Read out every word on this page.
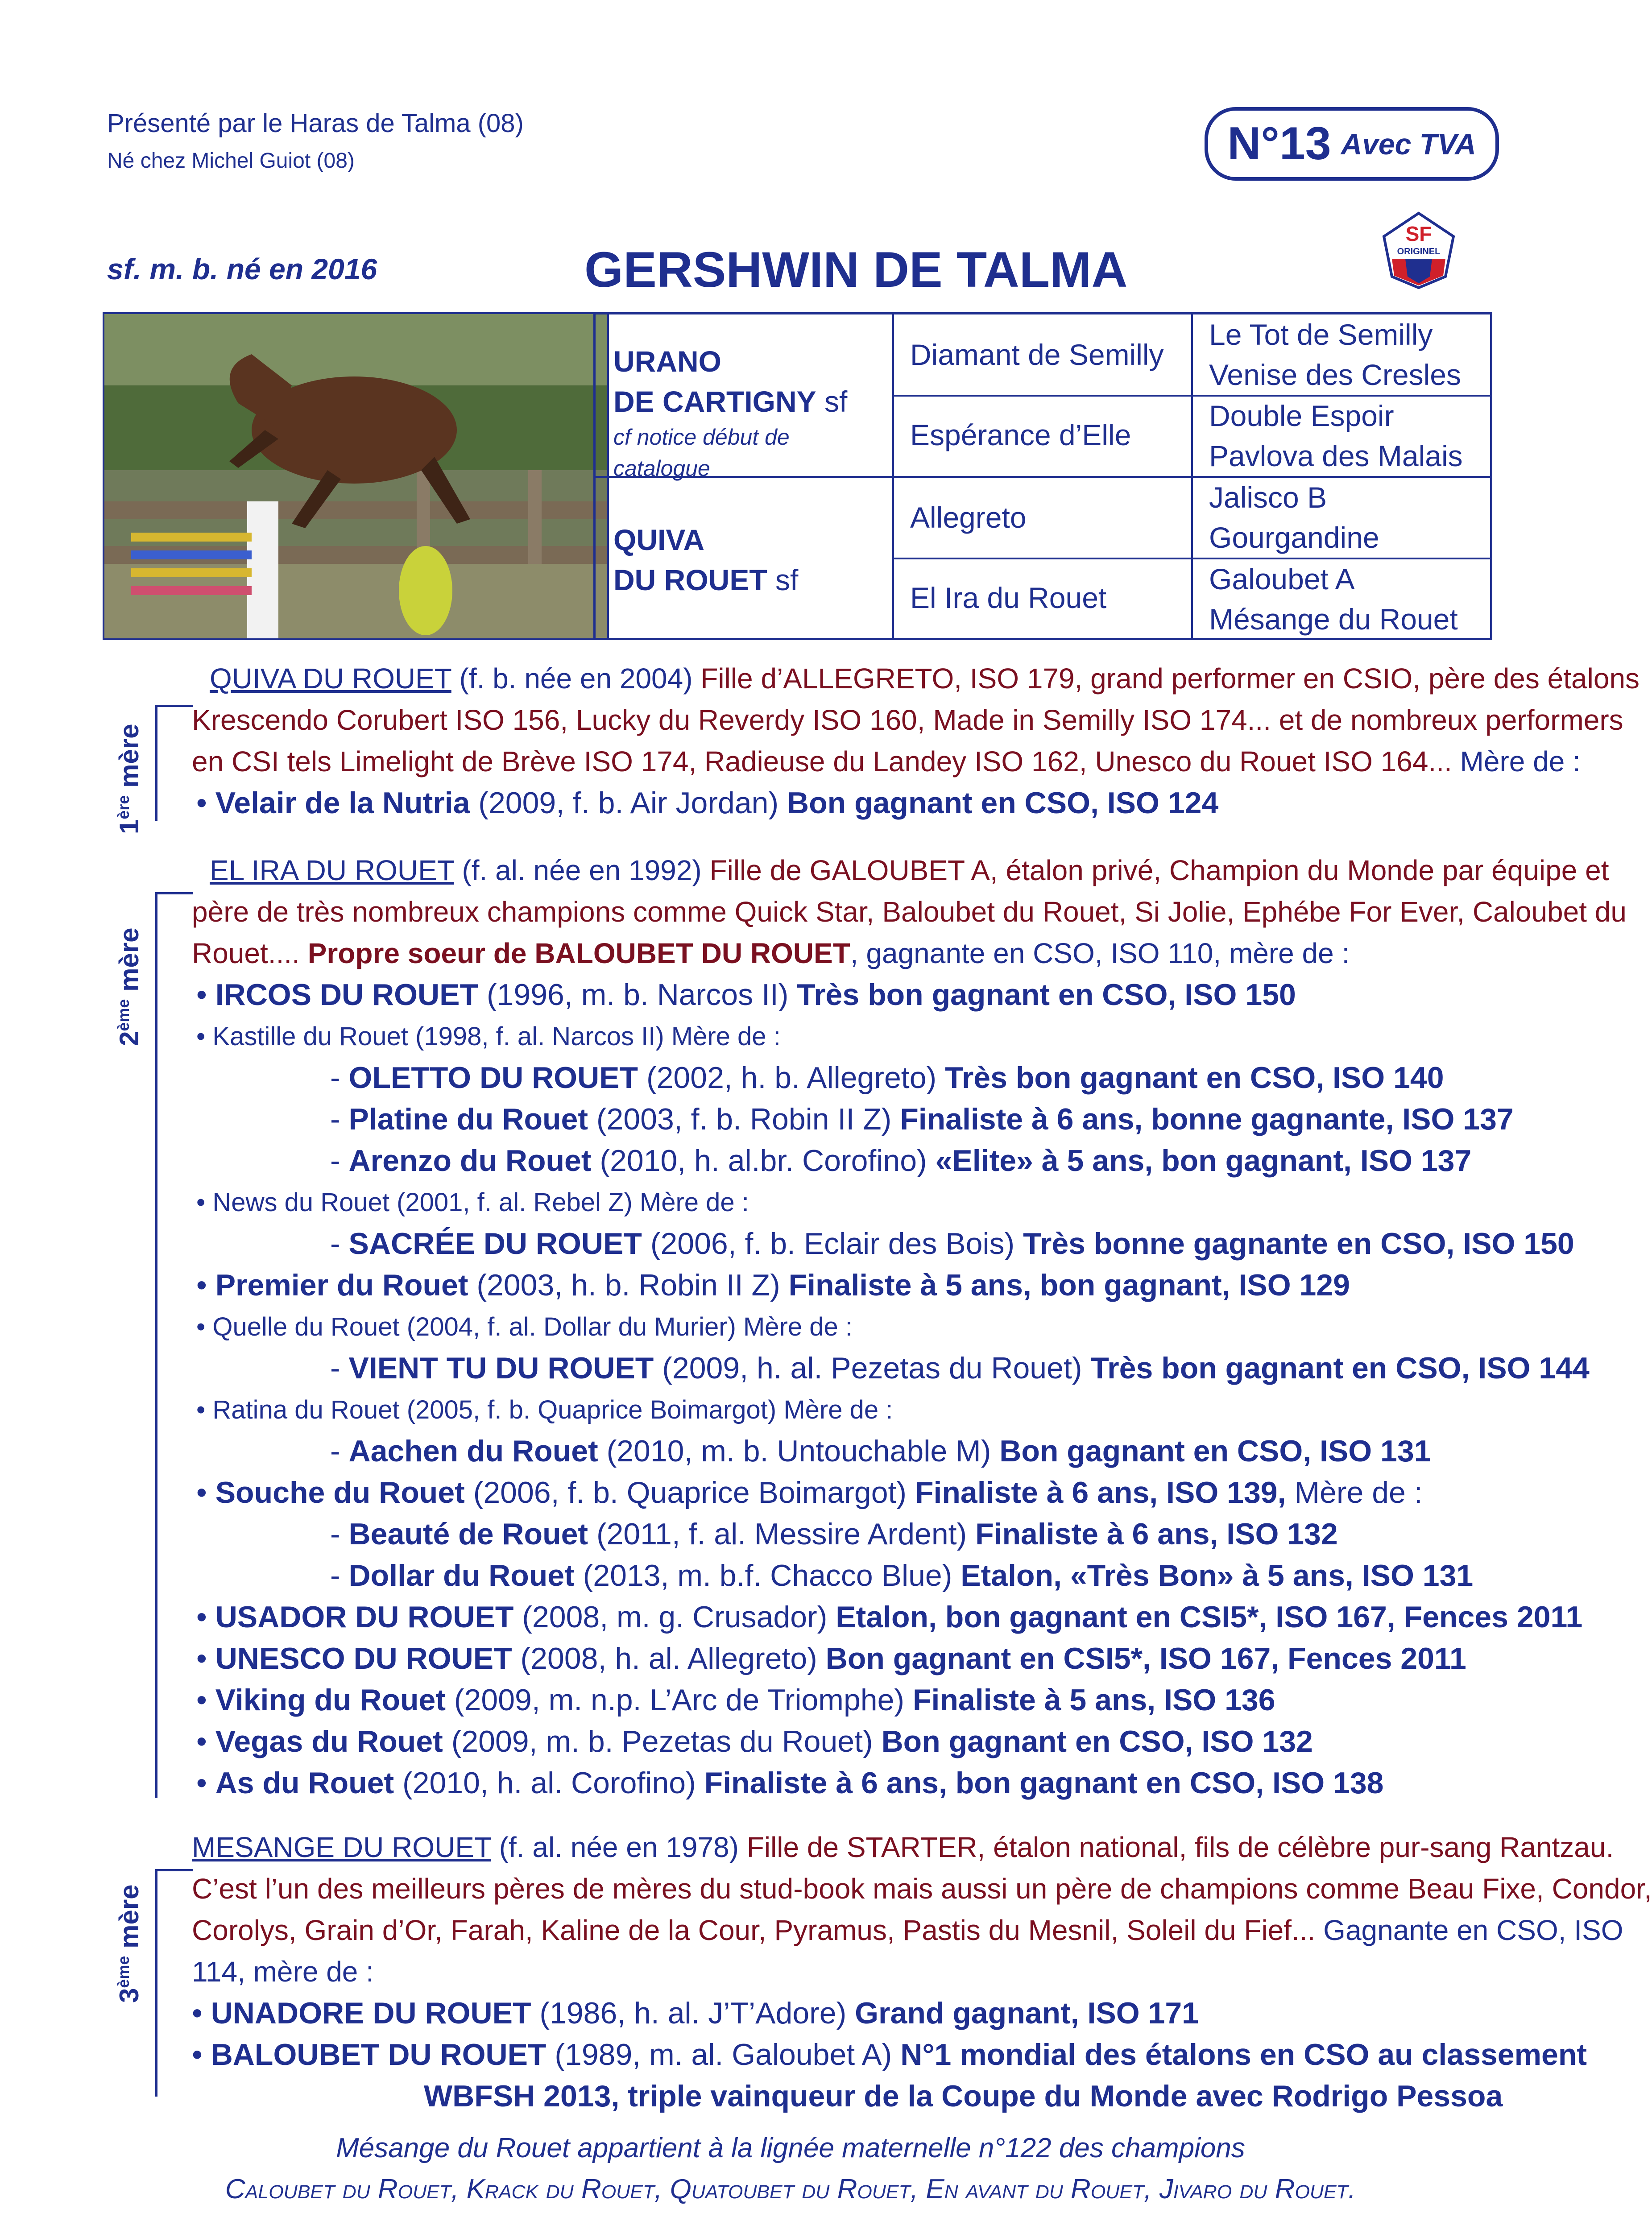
Présenté par le Haras de Talma (08)
Né chez Michel Guiot (08)	N°13 Avec TVA
sf. m. b. né en 2016	GERSHWIN DE TALMA
SF
ORIGINEL
URANO
DE CARTIGNY sf
cf notice début de catalogue
QUIVA
DU ROUET sf
Diamant de Semilly
Espérance d’Elle
Allegreto
El Ira du Rouet
Le Tot de Semilly
Venise des Cresles
Double Espoir
Pavlova des Malais
Jalisco B
Gourgandine
Galoubet A
Mésange du Rouet
1ère mère
QUIVA DU ROUET (f. b. née en 2004) Fille d’ALLEGRETO, ISO 179, grand performer en CSIO, père des étalons
Krescendo Corubert ISO 156, Lucky du Reverdy ISO 160, Made in Semilly ISO 174... et de nombreux performers
en CSI tels Limelight de Brève ISO 174, Radieuse du Landey ISO 162, Unesco du Rouet ISO 164... Mère de :
• Velair de la Nutria (2009, f. b. Air Jordan) Bon gagnant en CSO, ISO 124
2ème mère
EL IRA DU ROUET (f. al. née en 1992) Fille de GALOUBET A, étalon privé, Champion du Monde par équipe et
père de très nombreux champions comme Quick Star, Baloubet du Rouet, Si Jolie, Ephébe For Ever, Caloubet du
Rouet.... Propre soeur de BALOUBET DU ROUET, gagnante en CSO, ISO 110, mère de :
• IRCOS DU ROUET (1996, m. b. Narcos II) Très bon gagnant en CSO, ISO 150
• Kastille du Rouet (1998, f. al. Narcos II) Mère de :
- OLETTO DU ROUET (2002, h. b. Allegreto) Très bon gagnant en CSO, ISO 140
- Platine du Rouet (2003, f. b. Robin II Z) Finaliste à 6 ans, bonne gagnante, ISO 137
- Arenzo du Rouet (2010, h. al.br. Corofino) «Elite» à 5 ans, bon gagnant, ISO 137
• News du Rouet (2001, f. al. Rebel Z) Mère de :
- SACRÉE DU ROUET (2006, f. b. Eclair des Bois) Très bonne gagnante en CSO, ISO 150
• Premier du Rouet (2003, h. b. Robin II Z) Finaliste à 5 ans, bon gagnant, ISO 129
• Quelle du Rouet (2004, f. al. Dollar du Murier) Mère de :
- VIENT TU DU ROUET (2009, h. al. Pezetas du Rouet) Très bon gagnant en CSO, ISO 144
• Ratina du Rouet (2005, f. b. Quaprice Boimargot) Mère de :
- Aachen du Rouet (2010, m. b. Untouchable M) Bon gagnant en CSO, ISO 131
• Souche du Rouet (2006, f. b. Quaprice Boimargot) Finaliste à 6 ans, ISO 139, Mère de :
- Beauté de Rouet (2011, f. al. Messire Ardent) Finaliste à 6 ans, ISO 132
- Dollar du Rouet (2013, m. b.f. Chacco Blue) Etalon, «Très Bon» à 5 ans, ISO 131
• USADOR DU ROUET (2008, m. g. Crusador) Etalon, bon gagnant en CSI5*, ISO 167, Fences 2011
• UNESCO DU ROUET (2008, h. al. Allegreto) Bon gagnant en CSI5*, ISO 167, Fences 2011
• Viking du Rouet (2009, m. n.p. L’Arc de Triomphe) Finaliste à 5 ans, ISO 136
• Vegas du Rouet (2009, m. b. Pezetas du Rouet) Bon gagnant en CSO, ISO 132
• As du Rouet (2010, h. al. Corofino) Finaliste à 6 ans, bon gagnant en CSO, ISO 138
3ème mère
MESANGE DU ROUET (f. al. née en 1978) Fille de STARTER, étalon national, fils de célèbre pur-sang Rantzau.
C’est l’un des meilleurs pères de mères du stud-book mais aussi un père de champions comme Beau Fixe, Condor,
Corolys, Grain d’Or, Farah, Kaline de la Cour, Pyramus, Pastis du Mesnil, Soleil du Fief... Gagnante en CSO, ISO
114, mère de :
• UNADORE DU ROUET (1986, h. al. J’T’Adore) Grand gagnant, ISO 171
• BALOUBET DU ROUET (1989, m. al. Galoubet A) N°1 mondial des étalons en CSO au classement
WBFSH 2013, triple vainqueur de la Coupe du Monde avec Rodrigo Pessoa
Mésange du Rouet appartient à la lignée maternelle n°122 des champions
Caloubet du Rouet, Krack du Rouet, Quatoubet du Rouet, En avant du Rouet, Jivaro du Rouet.
